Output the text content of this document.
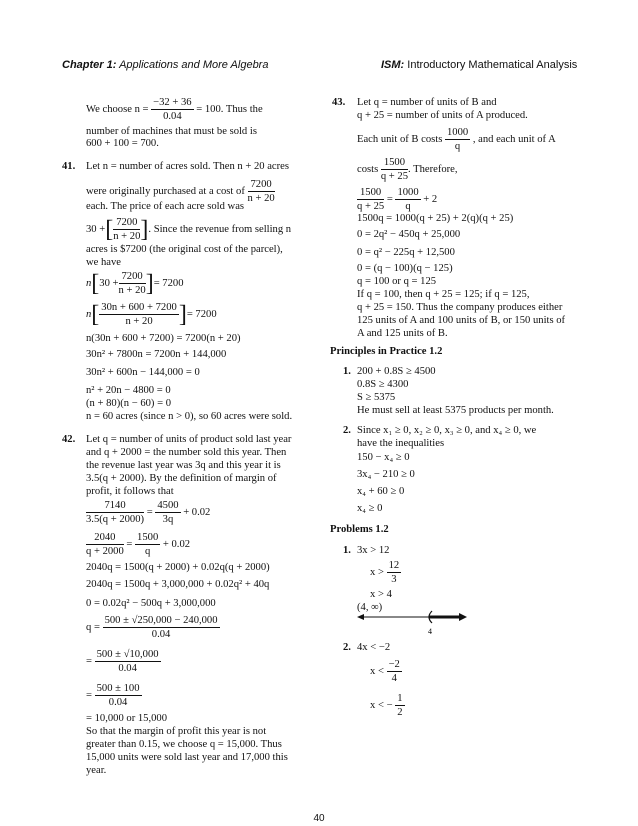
Chapter 1: Applications and More Algebra	ISM: Introductory Mathematical Analysis
We choose $n = \frac{-32 + 36}{0.04} = 100$. Thus the
number of machines that must be sold is
600 + 100 = 700.
41. Let n = number of acres sold. Then n + 20 acres
were originally purchased at a cost of $\frac{7200}{n + 20}$
each. The price of each acre sold was
30 +[ $\frac{7200}{n + 20}$ ]. Since the revenue from selling n
acres is $7200 (the original cost of the parcel),
we have
$n[30 + \frac{7200}{n + 20}$ ]= 7200
$n[ \frac{30n + 600 + 7200}{n + 20}$ ]= 7200
n(30n + 600 + 7200) = 7200(n + 20)
30n² + 7800n = 7200n + 144,000
30n² + 600n − 144,000 = 0
n² + 20n − 4800 = 0
(n + 80)(n − 60) = 0
n = 60 acres (since n > 0), so 60 acres were sold.
42. Let q = number of units of product sold last year
and q + 2000 = the number sold this year. Then
the revenue last year was 3q and this year it is
3.5(q + 2000). By the definition of margin of
profit, it follows that
$\frac{7140}{3.5(q + 2000)} = \frac{4500}{3q} + 0.02$
$\frac{2040}{q + 2000} = \frac{1500}{q} + 0.02$
2040q = 1500(q + 2000) + 0.02q(q + 2000)
2040q = 1500q + 3,000,000 + 0.02q² + 40q
0 = 0.02q² − 500q + 3,000,000
$q = \frac{500 \pm √250,000 - 240,000}{0.04}$
= $\frac{500 \pm √10,000}{0.04}$
= $\frac{500 \pm 100}{0.04}$
= 10,000 or 15,000
So that the margin of profit this year is not
greater than 0.15, we choose q = 15,000. Thus
15,000 units were sold last year and 17,000 this
year.
43. Let q = number of units of B and
q + 25 = number of units of A produced.
Each unit of B costs $\frac{1000}{q}$ , and each unit of A
costs $\frac{1500}{q + 25}$ . Therefore,
$\frac{1500}{q + 25} = \frac{1000}{q} + 2$
1500q = 1000(q + 25) + 2(q)(q + 25)
0 = 2q² − 450q + 25,000
0 = q² − 225q + 12,500
0 = (q − 100)(q − 125)
q = 100 or q = 125
If q = 100, then q + 25 = 125; if q = 125,
q + 25 = 150. Thus the company produces either
125 units of A and 100 units of B, or 150 units of
A and 125 units of B.
Principles in Practice 1.2
1. 200 + 0.8S ≥ 4500
0.8S ≥ 4300
S ≥ 5375
He must sell at least 5375 products per month.
2. Since x₁ ≥ 0, x₂ ≥ 0, x₃ ≥ 0, and x₄ ≥ 0, we
have the inequalities
150 − x₄ ≥ 0
3x₄ − 210 ≥ 0
x₄ + 60 ≥ 0
x₄ ≥ 0
Problems 1.2
1. 3x > 12
$x > \frac{12}{3}$
x > 4
(4, ∞)
4
2. 4x < −2
$x < \frac{-2}{4}$
x < − $\frac{1}{2}$
40
